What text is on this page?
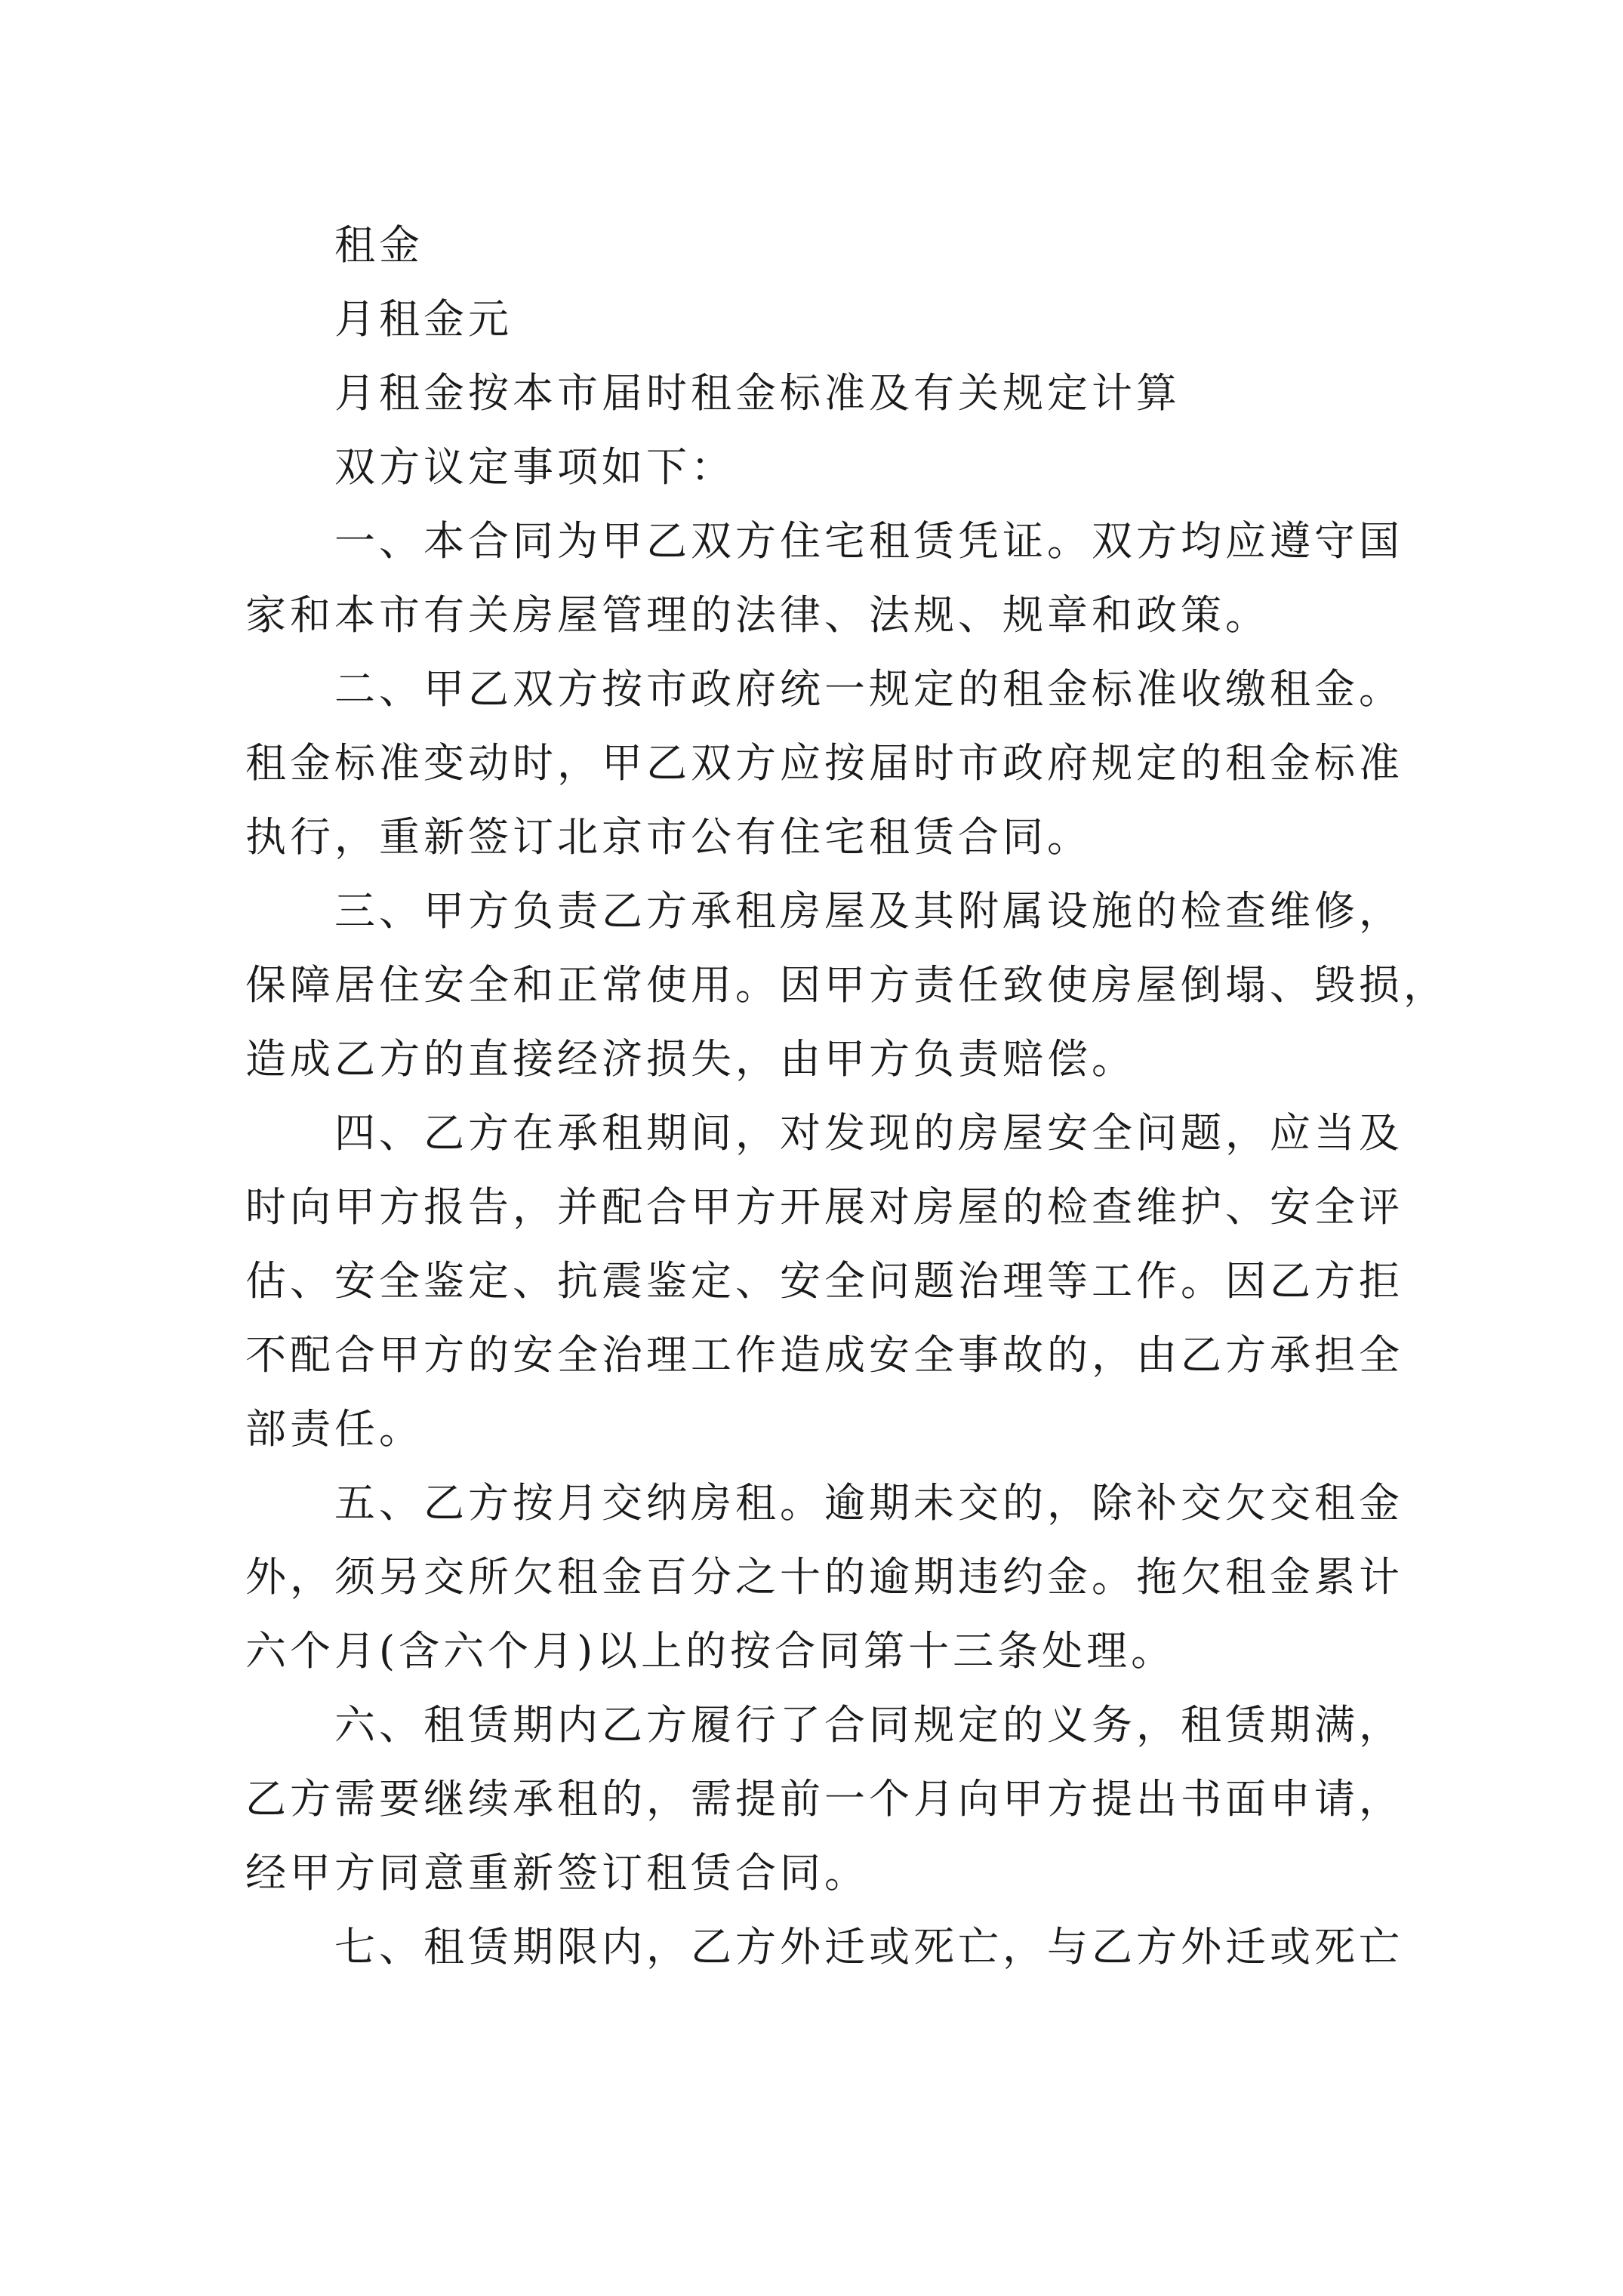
租金
月租金元
月租金按本市届时租金标准及有关规定计算
双方议定事项如下：
一、本合同为甲乙双方住宅租赁凭证。双方均应遵守国
家和本市有关房屋管理的法律、法规、规章和政策。
二、甲乙双方按市政府统一规定的租金标准收缴租金。
租金标准变动时，甲乙双方应按届时市政府规定的租金标准
执行，重新签订北京市公有住宅租赁合同。
三、甲方负责乙方承租房屋及其附属设施的检查维修，
保障居住安全和正常使用。因甲方责任致使房屋倒塌、毁损，
造成乙方的直接经济损失，由甲方负责赔偿。
四、乙方在承租期间，对发现的房屋安全问题，应当及
时向甲方报告，并配合甲方开展对房屋的检查维护、安全评
估、安全鉴定、抗震鉴定、安全问题治理等工作。因乙方拒
不配合甲方的安全治理工作造成安全事故的，由乙方承担全
部责任。
五、乙方按月交纳房租。逾期未交的，除补交欠交租金
外，须另交所欠租金百分之十的逾期违约金。拖欠租金累计
六个月(含六个月)以上的按合同第十三条处理。
六、租赁期内乙方履行了合同规定的义务，租赁期满，
乙方需要继续承租的，需提前一个月向甲方提出书面申请，
经甲方同意重新签订租赁合同。
七、租赁期限内，乙方外迁或死亡，与乙方外迁或死亡
